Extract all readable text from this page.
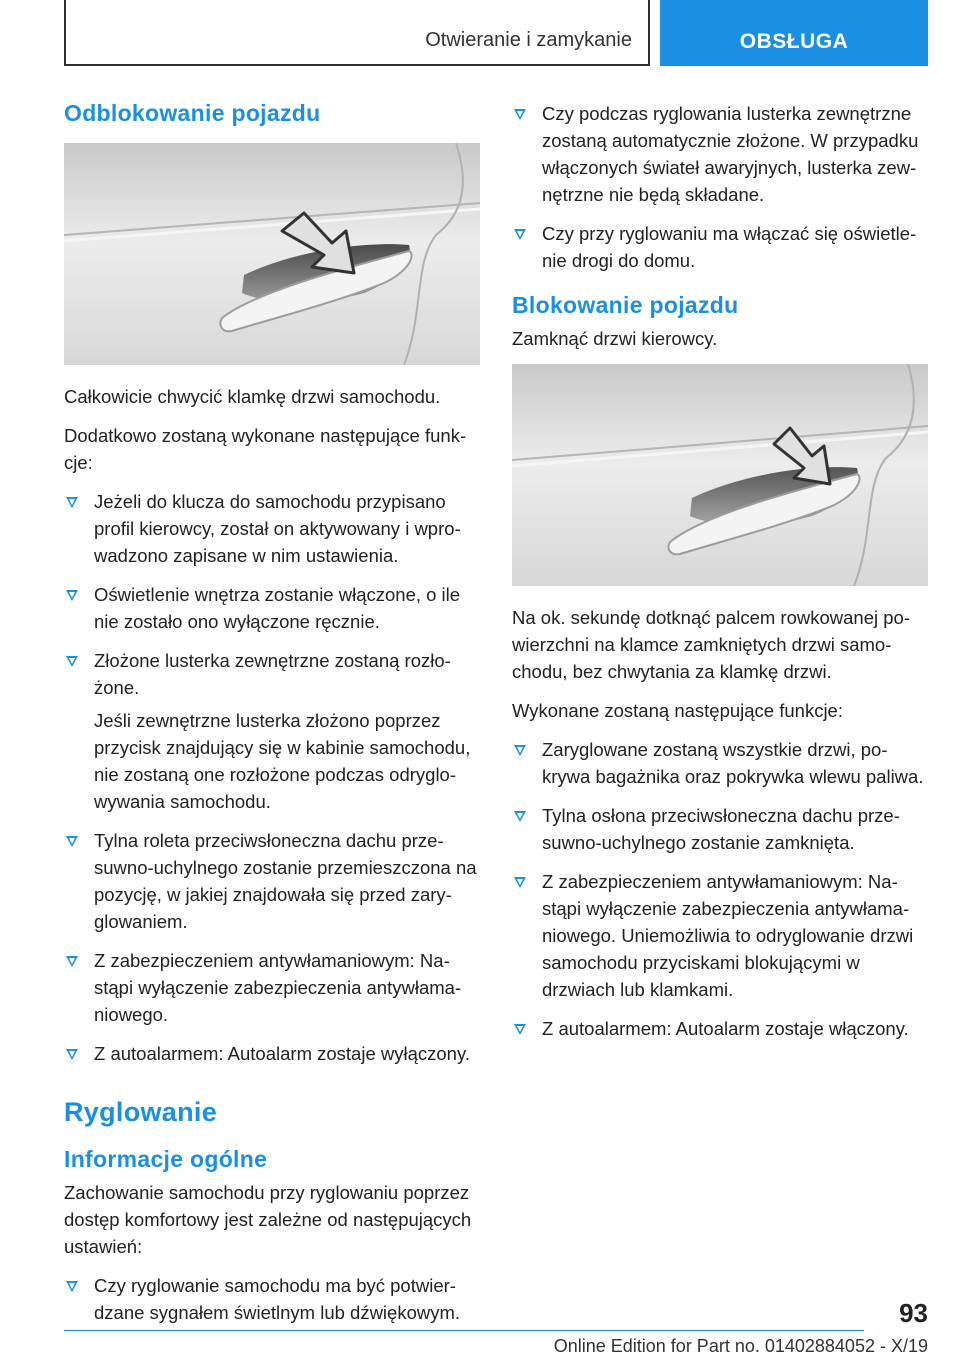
Otwieranie i zamykanie	OBSŁUGA
Odblokowanie pojazdu

Całkowicie chwycić klamkę drzwi samochodu.

Dodatkowo zostaną wykonane następujące funkcje:

Jeżeli do klucza do samochodu przypisano profil kierowcy, został on aktywowany i wprowadzono zapisane w nim ustawienia.
Oświetlenie wnętrza zostanie włączone, o ile nie zostało ono wyłączone ręcznie.
Złożone lusterka zewnętrzne zostaną rozłożone.

Jeśli zewnętrzne lusterka złożono poprzez przycisk znajdujący się w kabinie samochodu, nie zostaną one rozłożone podczas odryglowywania samochodu.

Tylna roleta przeciwsłoneczna dachu przesuwno-uchylnego zostanie przemieszczona na pozycję, w jakiej znajdowała się przed zaryglowaniem.
Z zabezpieczeniem antywłamaniowym: Nastąpi wyłączenie zabezpieczenia antywłamaniowego.
Z autoalarmem: Autoalarm zostaje wyłączony.
Ryglowanie
Informacje ogólne

Zachowanie samochodu przy ryglowaniu poprzez dostęp komfortowy jest zależne od następujących ustawień:

Czy ryglowanie samochodu ma być potwierdzane sygnałem świetlnym lub dźwiękowym.
Czy podczas ryglowania lusterka zewnętrzne zostaną automatycznie złożone. W przypadku włączonych świateł awaryjnych, lusterka zewnętrzne nie będą składane.
Czy przy ryglowaniu ma włączać się oświetlenie drogi do domu.
Blokowanie pojazdu

Zamknąć drzwi kierowcy.

Na ok. sekundę dotknąć palcem rowkowanej powierzchni na klamce zamkniętych drzwi samochodu, bez chwytania za klamkę drzwi.

Wykonane zostaną następujące funkcje:

Zaryglowane zostaną wszystkie drzwi, pokrywa bagażnika oraz pokrywka wlewu paliwa.
Tylna osłona przeciwsłoneczna dachu przesuwno-uchylnego zostanie zamknięta.
Z zabezpieczeniem antywłamaniowym: Nastąpi wyłączenie zabezpieczenia antywłamaniowego. Uniemożliwia to odryglowanie drzwi samochodu przyciskami blokującymi w drzwiach lub klamkami.
Z autoalarmem: Autoalarm zostaje włączony.
93
Online Edition for Part no. 01402884052 - X/19
